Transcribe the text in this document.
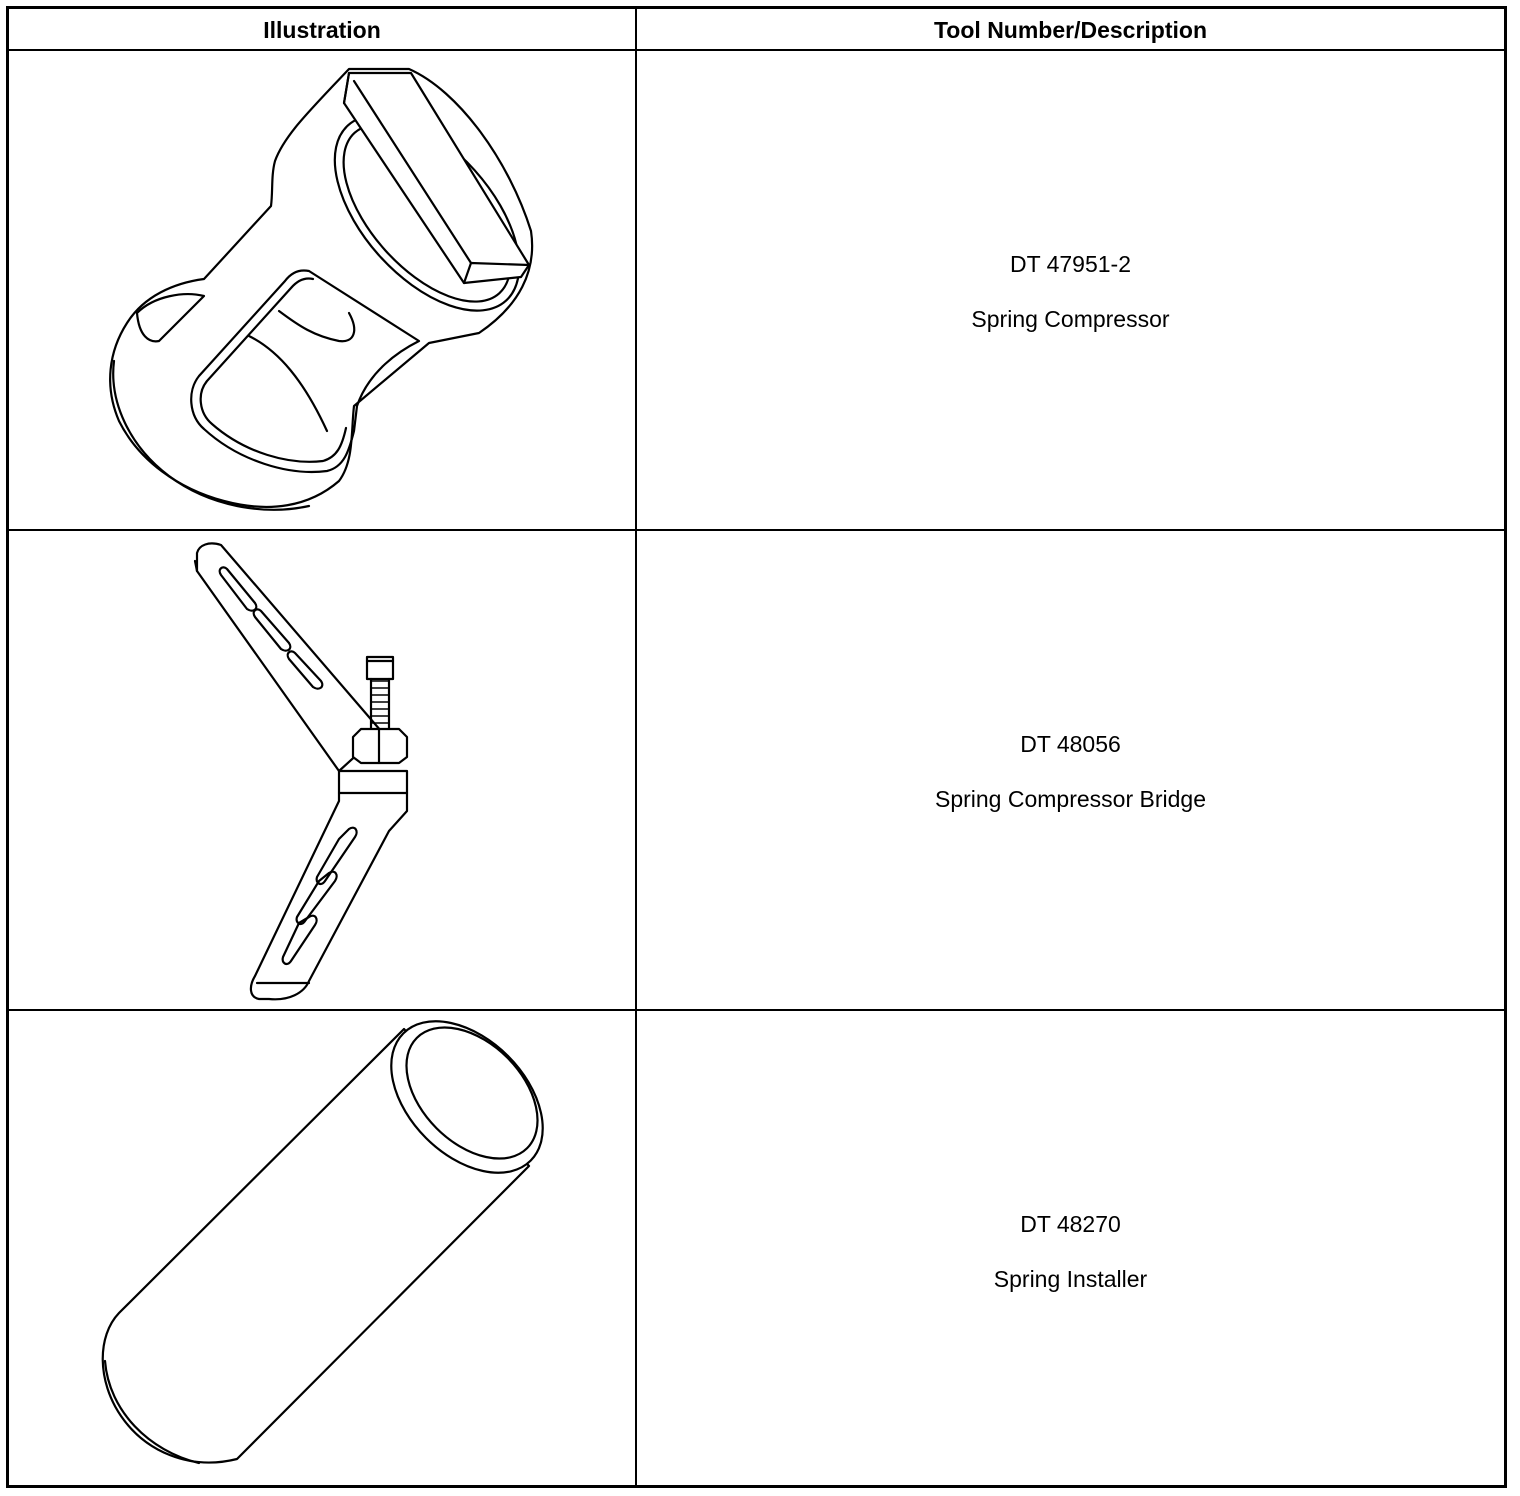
Illustration	Tool Number/Description
DT 47951-2
Spring Compressor
DT 48056
Spring Compressor Bridge
DT 48270
Spring Installer
